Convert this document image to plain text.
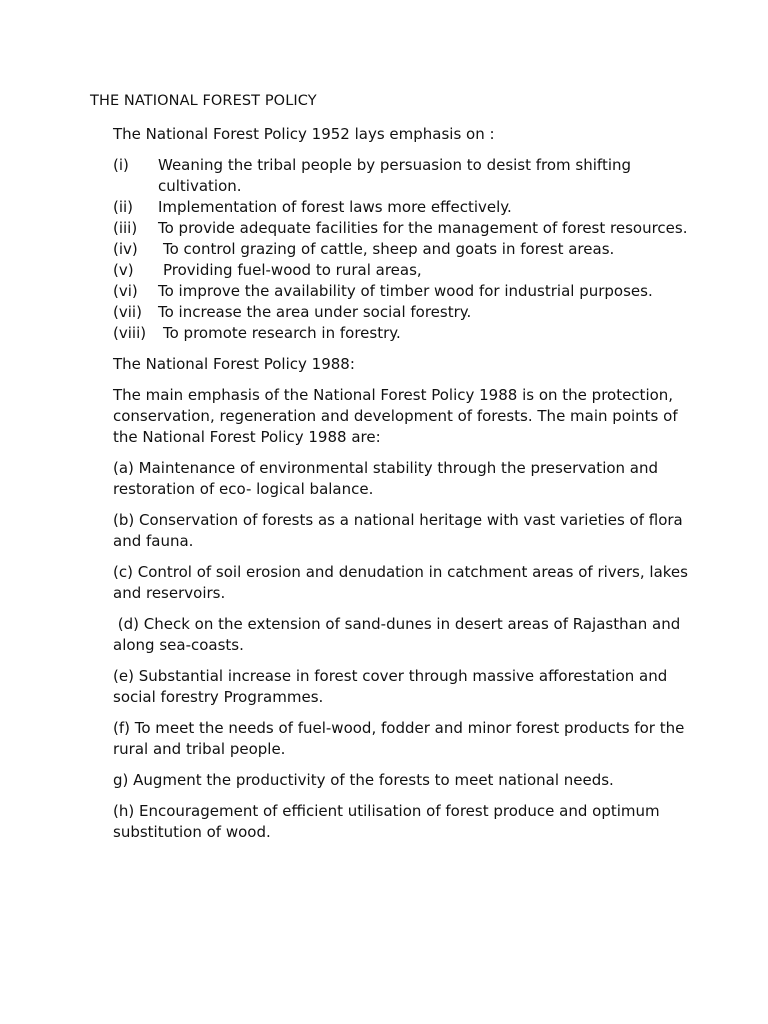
THE NATIONAL FOREST POLICY

The National Forest Policy 1952 lays emphasis on :

(i)	Weaning the tribal people by persuasion to desist from shifting cultivation.
(ii)	Implementation of forest laws more effectively.
(iii)	To provide adequate facilities for the management of forest resources.
(iv)	To control grazing of cattle, sheep and goats in forest areas.
(v)	Providing fuel-wood to rural areas,
(vi)	To improve the availability of timber wood for industrial purposes.
(vii)	To increase the area under social forestry.
(viii)	To promote research in forestry.

The National Forest Policy 1988:

The main emphasis of the National Forest Policy 1988 is on the protection, conservation, regeneration and development of forests. The main points of the National Forest Policy 1988 are:

(a) Maintenance of environmental stability through the preservation and restoration of eco- logical balance.

(b) Conservation of forests as a national heritage with vast varieties of flora and fauna.

(c) Control of soil erosion and denudation in catchment areas of rivers, lakes and reservoirs.

(d) Check on the extension of sand-dunes in desert areas of Rajasthan and along sea-coasts.

(e) Substantial increase in forest cover through massive afforestation and social forestry Programmes.

(f) To meet the needs of fuel-wood, fodder and minor forest products for the rural and tribal people.

g) Augment the productivity of the forests to meet national needs.

(h) Encouragement of efficient utilisation of forest produce and optimum substitution of wood.
